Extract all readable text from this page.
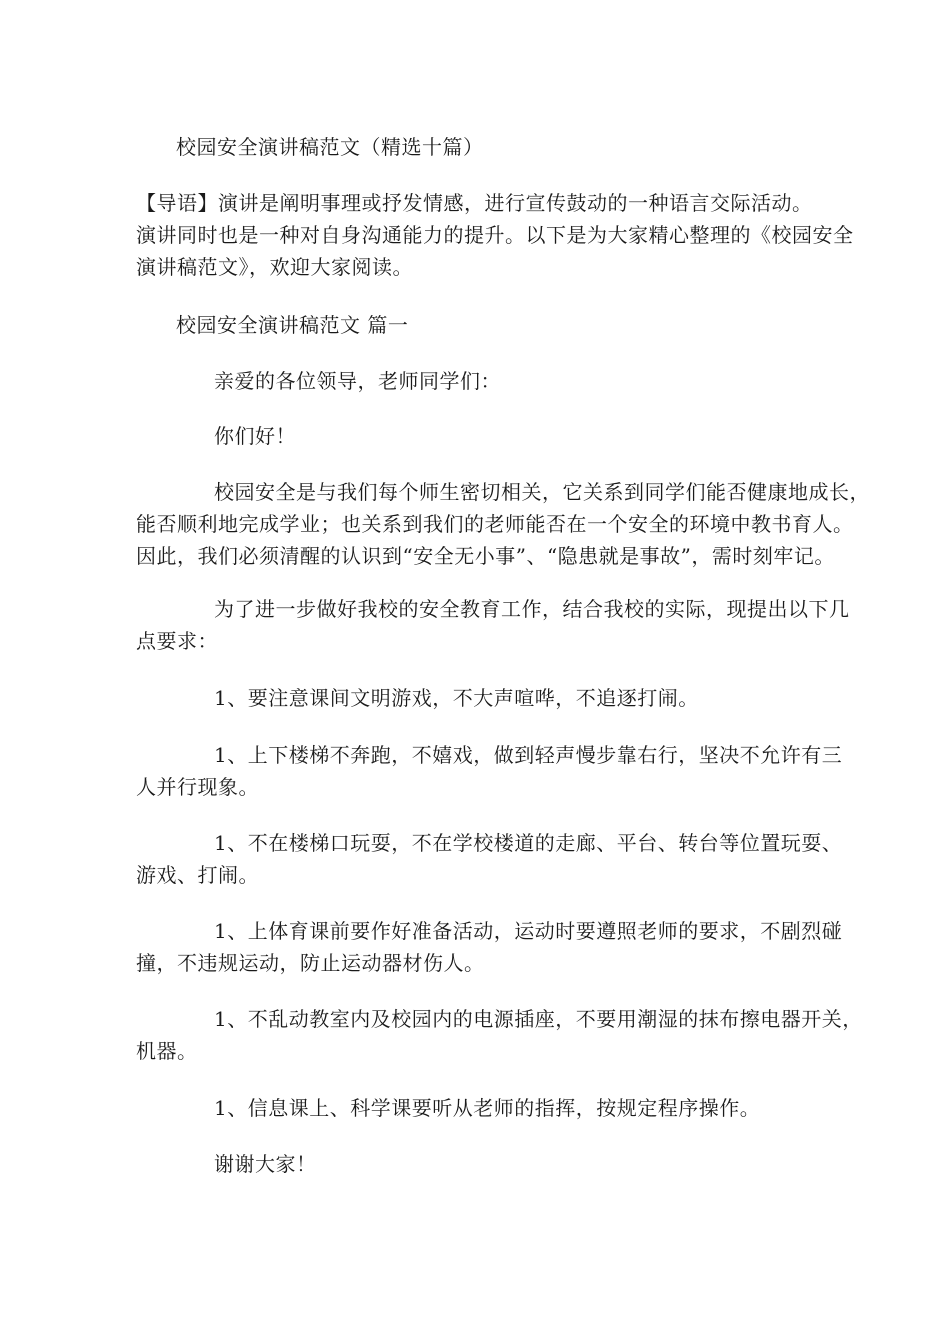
校园安全演讲稿范文（精选十篇）
【导语】演讲是阐明事理或抒发情感，进行宣传鼓动的一种语言交际活动。
演讲同时也是一种对自身沟通能力的提升。以下是为大家精心整理的《校园安全
演讲稿范文》，欢迎大家阅读。
校园安全演讲稿范文 篇一
亲爱的各位领导，老师同学们：
你们好！
校园安全是与我们每个师生密切相关，它关系到同学们能否健康地成长，
能否顺利地完成学业；也关系到我们的老师能否在一个安全的环境中教书育人。
因此，我们必须清醒的认识到“安全无小事”、“隐患就是事故”，需时刻牢记。
为了进一步做好我校的安全教育工作，结合我校的实际，现提出以下几
点要求：
1、要注意课间文明游戏，不大声喧哗，不追逐打闹。
1、上下楼梯不奔跑，不嬉戏，做到轻声慢步靠右行，坚决不允许有三
人并行现象。
1、不在楼梯口玩耍，不在学校楼道的走廊、平台、转台等位置玩耍、
游戏、打闹。
1、上体育课前要作好准备活动，运动时要遵照老师的要求，不剧烈碰
撞，不违规运动，防止运动器材伤人。
1、不乱动教室内及校园内的电源插座，不要用潮湿的抹布擦电器开关，
机器。
1、信息课上、科学课要听从老师的指挥，按规定程序操作。
谢谢大家！
